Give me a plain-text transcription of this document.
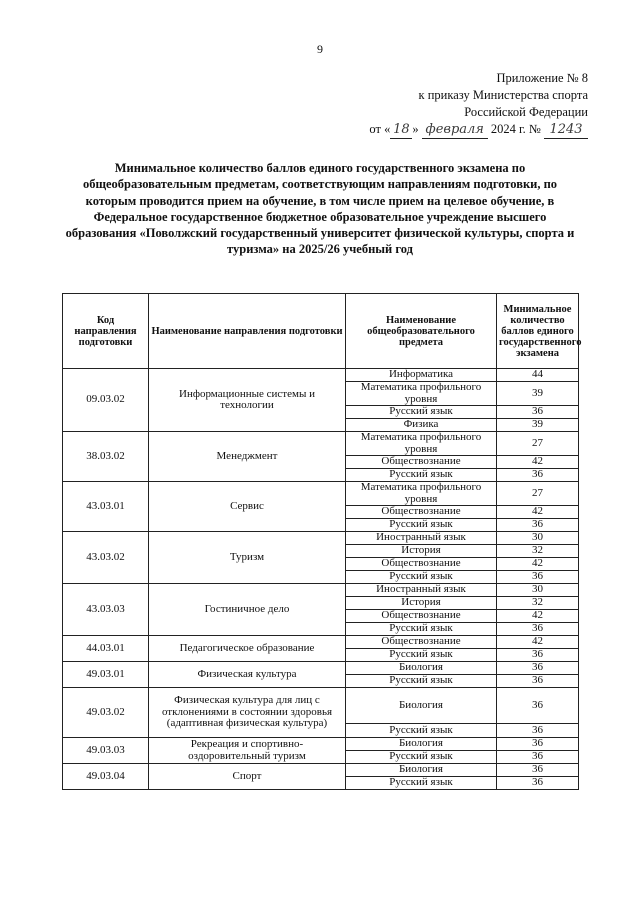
9
Приложение № 8
к приказу Министерства спорта
Российской Федерации
от « 18 » февраля 2024 г. № 1243
Минимальное количество баллов единого государственного экзамена по общеобразовательным предметам, соответствующим направлениям подготовки, по которым проводится прием на обучение, в том числе прием на целевое обучение, в Федеральное государственное бюджетное образовательное учреждение высшего образования «Поволжский государственный университет физической культуры, спорта и туризма» на 2025/26 учебный год
Код направления подготовки	Наименование направления подготовки	Наименование общеобразовательного предмета	Минимальное количество баллов единого государственного экзамена
09.03.02	Информационные системы и технологии	Информатика	44
		Математика профильного уровня	39
		Русский язык	36
		Физика	39
38.03.02	Менеджмент	Математика профильного уровня	27
		Обществознание	42
		Русский язык	36
43.03.01	Сервис	Математика профильного уровня	27
		Обществознание	42
		Русский язык	36
43.03.02	Туризм	Иностранный язык	30
		История	32
		Обществознание	42
		Русский язык	36
43.03.03	Гостиничное дело	Иностранный язык	30
		История	32
		Обществознание	42
		Русский язык	36
44.03.01	Педагогическое образование	Обществознание	42
		Русский язык	36
49.03.01	Физическая культура	Биология	36
		Русский язык	36
49.03.02	Физическая культура для лиц с отклонениями в состоянии здоровья (адаптивная физическая культура)	Биология	36
		Русский язык	36
49.03.03	Рекреация и спортивно-оздоровительный туризм	Биология	36
		Русский язык	36
49.03.04	Спорт	Биология	36
		Русский язык	36
